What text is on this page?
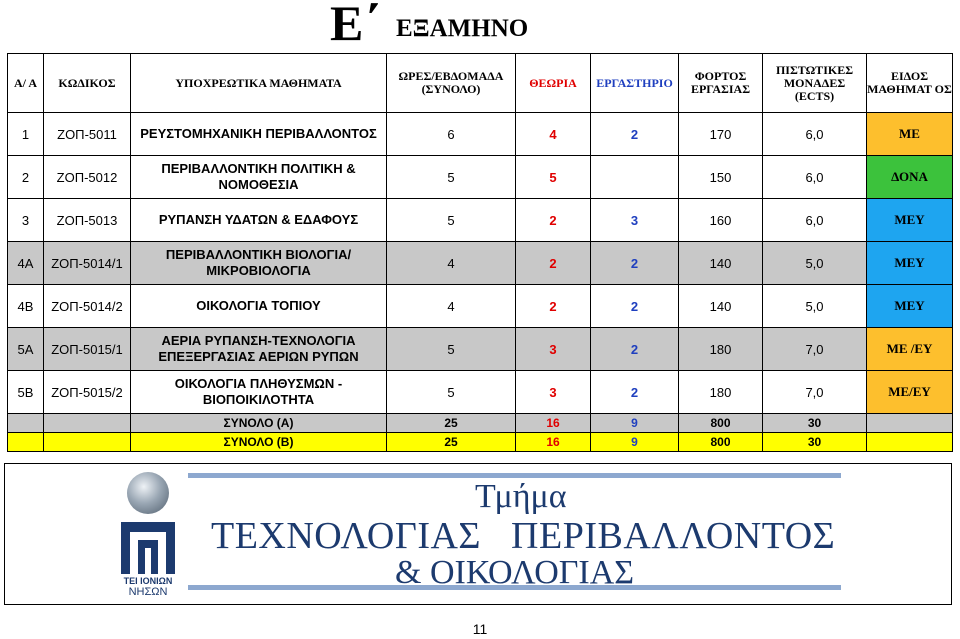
Ε΄ ΕΞΑΜΗΝΟ
Α/ Α	ΚΩΔΙΚΟΣ	ΥΠΟΧΡΕΩΤΙΚΑ ΜΑΘΗΜΑΤΑ	ΩΡΕΣ/ΕΒΔΟΜΑΔΑ (ΣΥΝΟΛΟ)	ΘΕΩΡΙΑ	ΕΡΓΑΣΤΗΡΙΟ	ΦΟΡΤΟΣ ΕΡΓΑΣΙΑΣ	ΠΙΣΤΩΤΙΚΕΣ ΜΟΝΑΔΕΣ (ECTS)	ΕΙΔΟΣ ΜΑΘΗΜΑΤ ΟΣ
1	ΖΟΠ-5011	ΡΕΥΣΤΟΜΗΧΑΝΙΚΗ ΠΕΡΙΒΑΛΛΟΝΤΟΣ	6	4	2	170	6,0	ΜΕ
2	ΖΟΠ-5012	ΠΕΡΙΒΑΛΛΟΝΤΙΚΗ ΠΟΛΙΤΙΚΗ & ΝΟΜΟΘΕΣΙΑ	5	5		150	6,0	ΔΟΝΑ
3	ΖΟΠ-5013	ΡΥΠΑΝΣΗ ΥΔΑΤΩΝ & ΕΔΑΦΟΥΣ	5	2	3	160	6,0	ΜΕΥ
4Α	ΖΟΠ-5014/1	ΠΕΡΙΒΑΛΛΟΝΤΙΚΗ ΒΙΟΛΟΓΙΑ/ΜΙΚΡΟΒΙΟΛΟΓΙΑ	4	2	2	140	5,0	ΜΕΥ
4Β	ΖΟΠ-5014/2	ΟΙΚΟΛΟΓΙΑ ΤΟΠΙΟΥ	4	2	2	140	5,0	ΜΕΥ
5Α	ΖΟΠ-5015/1	ΑΕΡΙΑ ΡΥΠΑΝΣΗ-ΤΕΧΝΟΛΟΓΙΑ ΕΠΕΞΕΡΓΑΣΙΑΣ ΑΕΡΙΩΝ ΡΥΠΩΝ	5	3	2	180	7,0	ΜΕ /ΕΥ
5Β	ΖΟΠ-5015/2	ΟΙΚΟΛΟΓΙΑ ΠΛΗΘΥΣΜΩΝ - ΒΙΟΠΟΙΚΙΛΟΤΗΤΑ	5	3	2	180	7,0	ΜΕ/ΕΥ
		ΣΥΝΟΛΟ (Α)	25	16	9	800	30	
		ΣΥΝΟΛΟ (Β)	25	16	9	800	30	
ΤΕΙ ΙΟΝΙΩΝ
ΝΗΣΩΝ
Τμήμα
ΤΕΧΝΟΛΟΓΙΑΣ   ΠΕΡΙΒΑΛΛΟΝΤΟΣ
& ΟΙΚΟΛΟΓΙΑΣ
11
